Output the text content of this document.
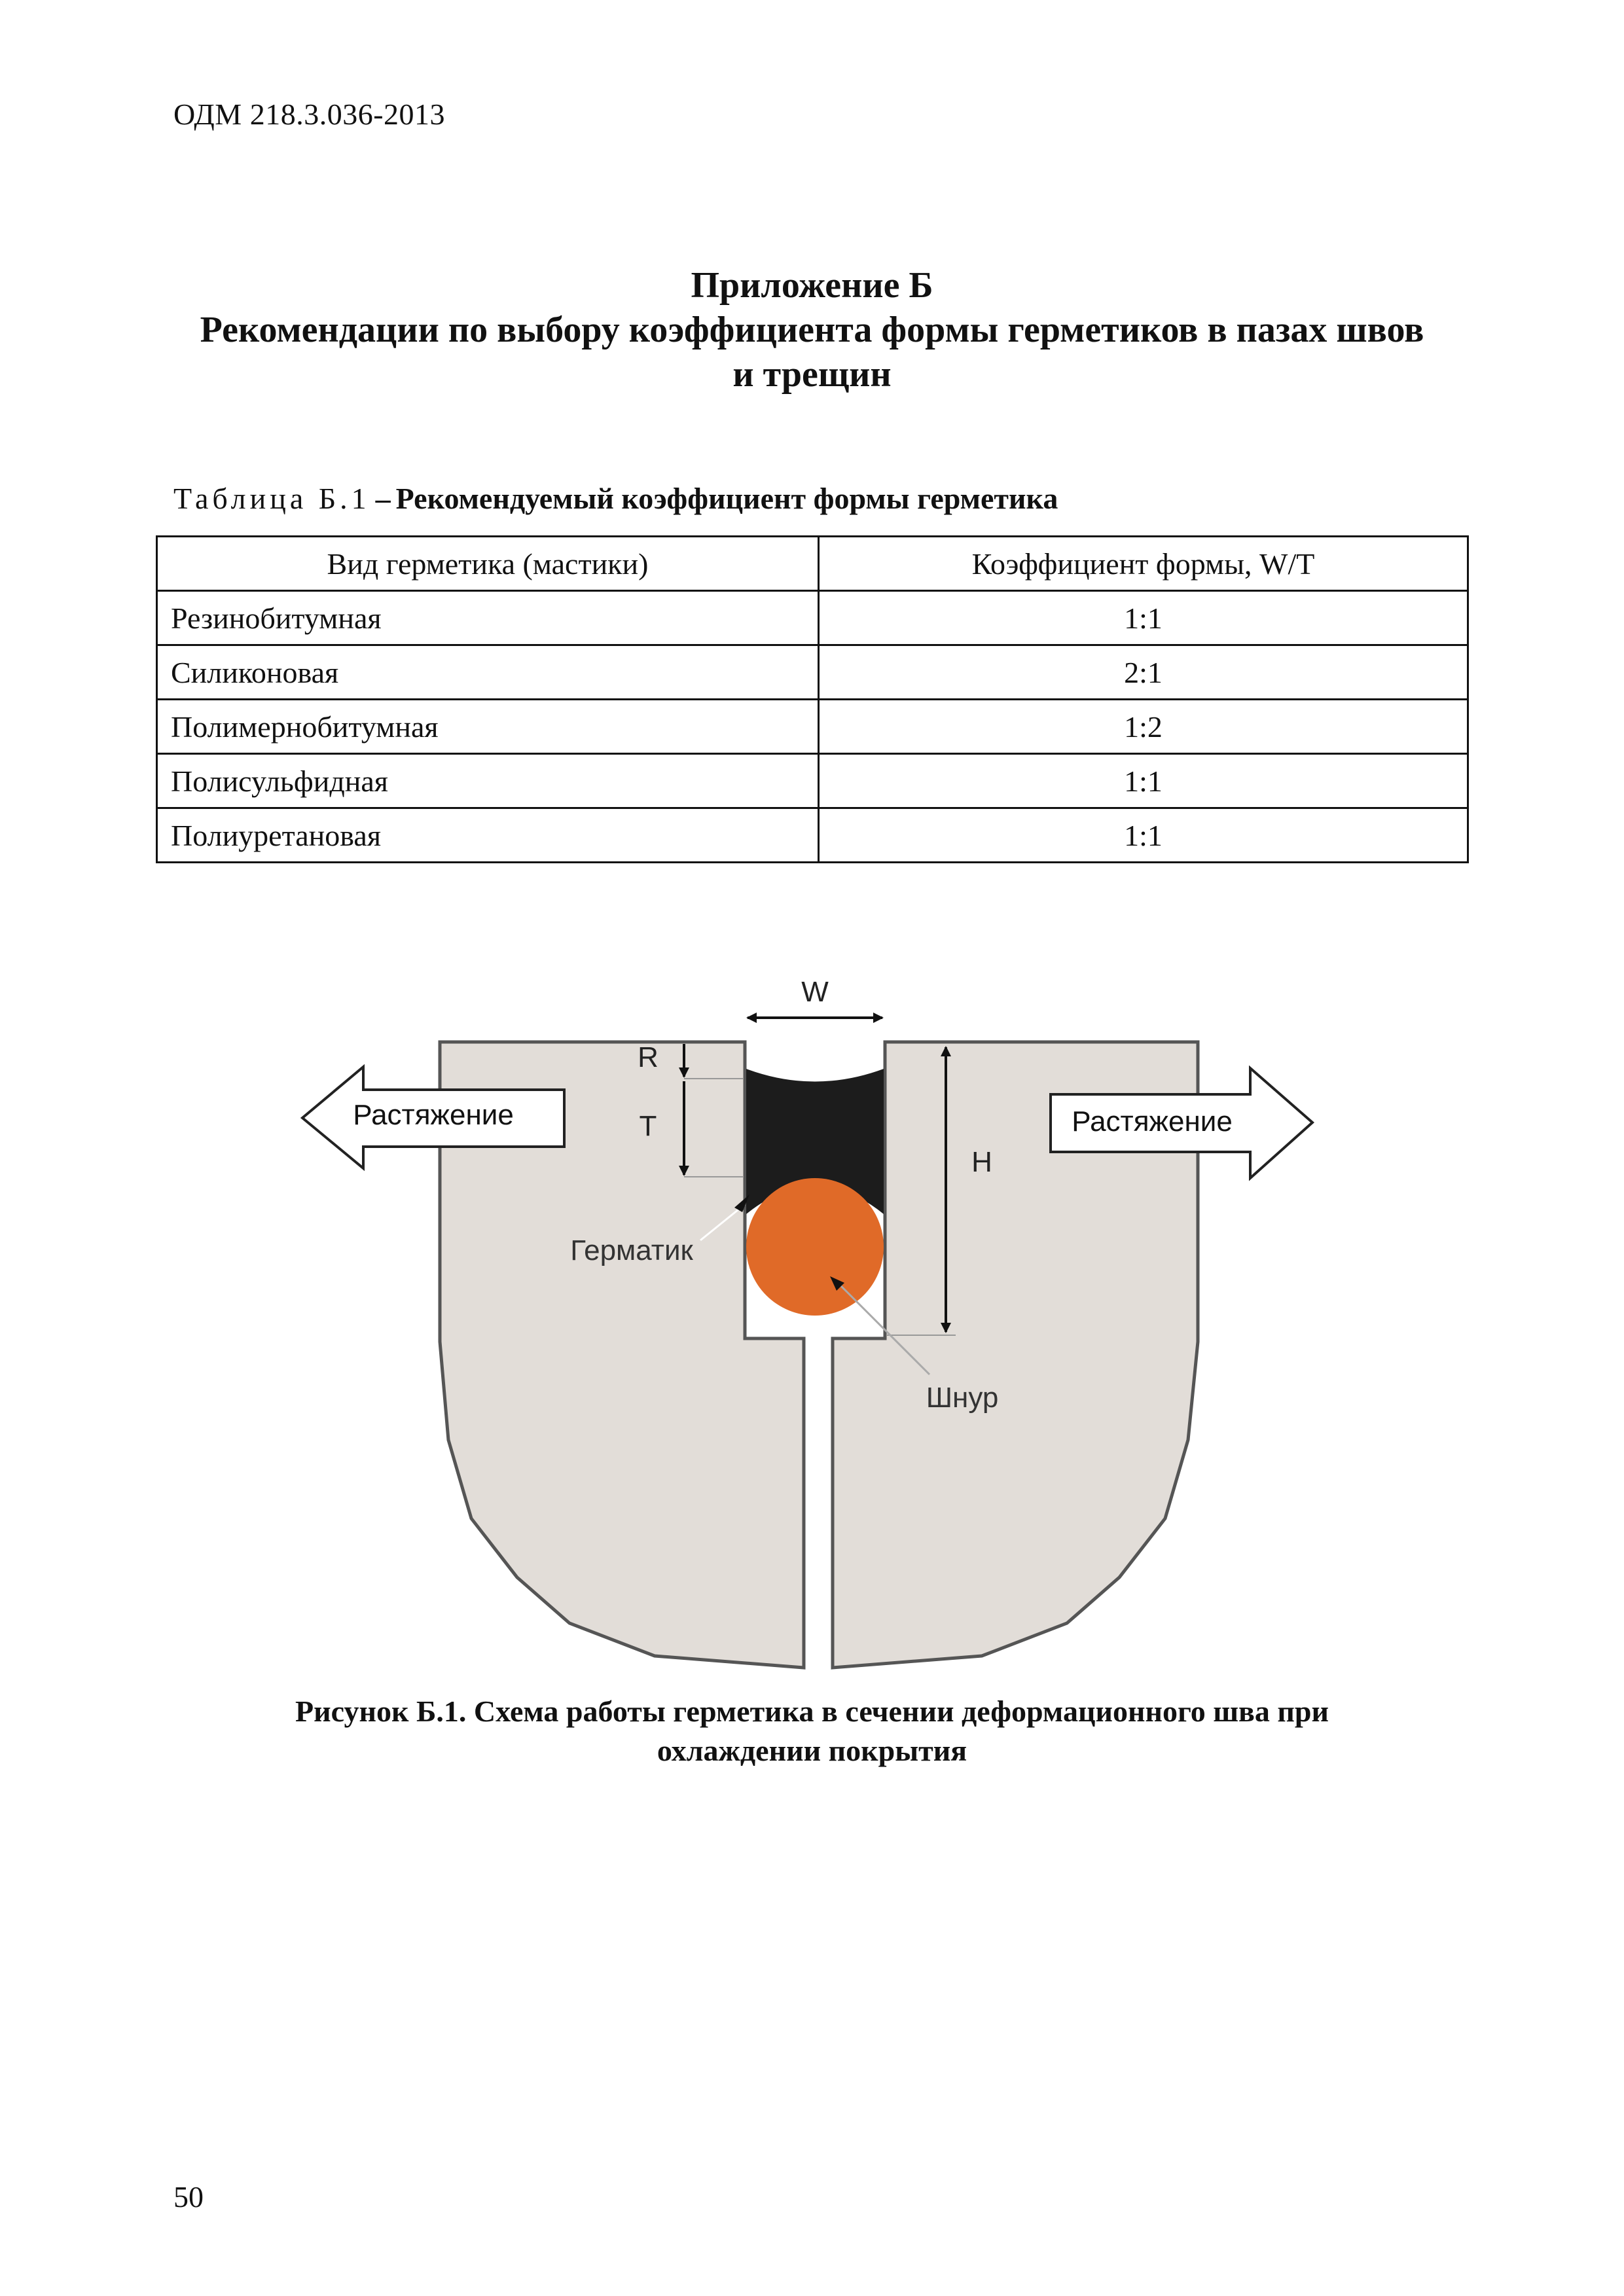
ОДМ 218.3.036-2013
Приложение Б
Рекомендации по выбору коэффициента формы герметиков в пазах швов
и трещин
Таблица Б.1 – Рекомендуемый коэффициент формы герметика
Вид герметика (мастики)	Коэффициент формы, W/T
Резинобитумная	1:1
Силиконовая	2:1
Полимернобитумная	1:2
Полисульфидная	1:1
Полиуретановая	1:1
W
R
T
H
Растяжение	Растяжение
Герматик
Шнур
Рисунок Б.1. Схема работы герметика в сечении деформационного шва при
охлаждении покрытия
50
